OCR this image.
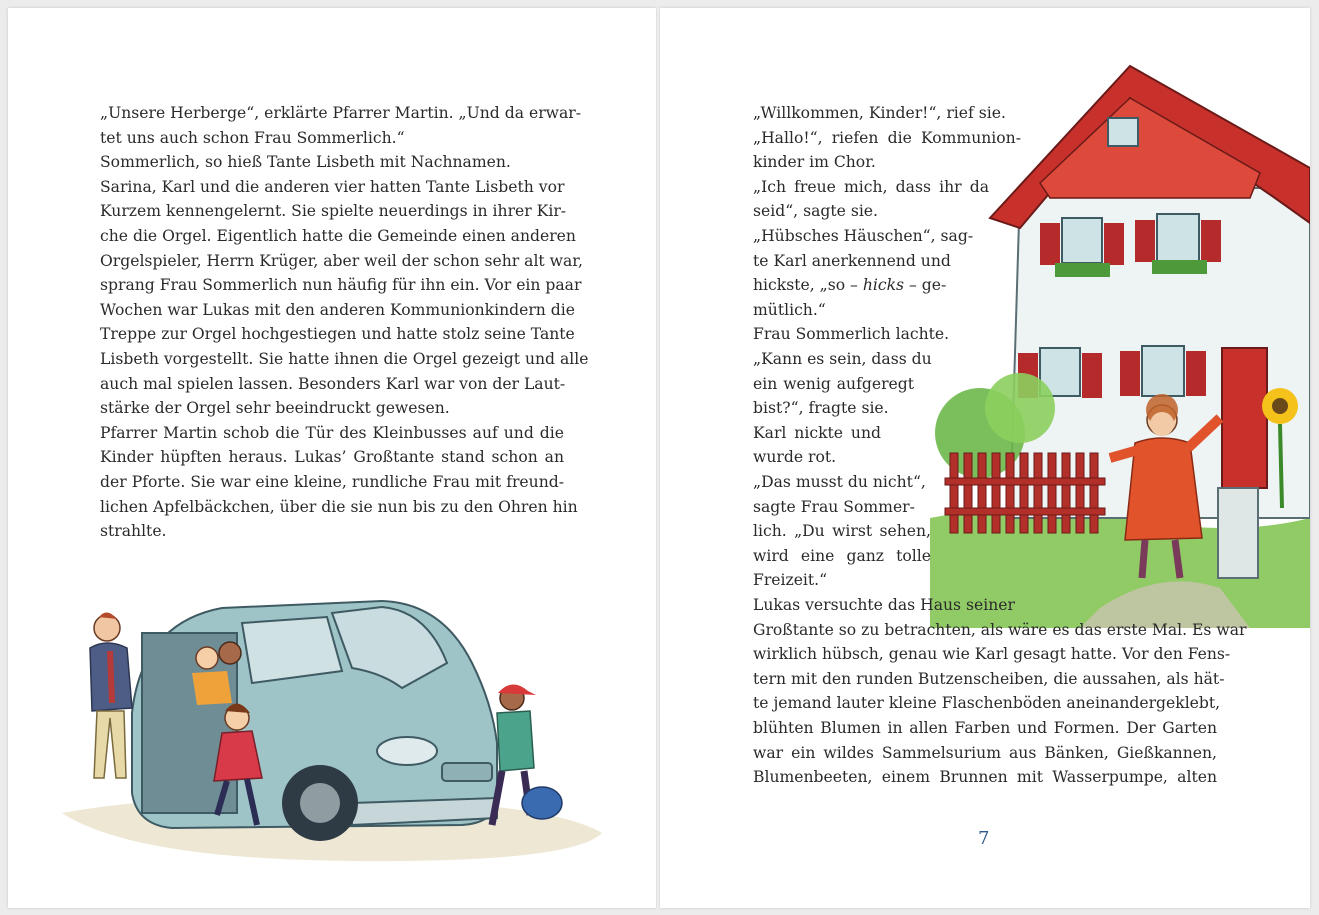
„Unsere Herberge“, erklärte Pfarrer Martin. „Und da erwar-
tet uns auch schon Frau Sommerlich.“
Sommerlich, so hieß Tante Lisbeth mit Nachnamen.
Sarina, Karl und die anderen vier hatten Tante Lisbeth vor
Kurzem kennengelernt. Sie spielte neuerdings in ihrer Kir-
che die Orgel. Eigentlich hatte die Gemeinde einen anderen
Orgelspieler, Herrn Krüger, aber weil der schon sehr alt war,
sprang Frau Sommerlich nun häufig für ihn ein. Vor ein paar
Wochen war Lukas mit den anderen Kommunionkindern die
Treppe zur Orgel hochgestiegen und hatte stolz seine Tante
Lisbeth vorgestellt. Sie hatte ihnen die Orgel gezeigt und alle
auch mal spielen lassen. Besonders Karl war von der Laut-
stärke der Orgel sehr beeindruckt gewesen.
Pfarrer Martin schob die Tür des Kleinbusses auf und die
Kinder hüpften heraus. Lukas’ Großtante stand schon an
der Pforte. Sie war eine kleine, rundliche Frau mit freund-
lichen Apfelbäckchen, über die sie nun bis zu den Ohren hin
strahlte.
„Willkommen, Kinder!“, rief sie.
„Hallo!“, riefen die Kommunion-
kinder im Chor.
„Ich freue mich, dass ihr da
seid“, sagte sie.
„Hübsches Häuschen“, sag-
te Karl anerkennend und
hickste, „so – hicks – ge-
mütlich.“
Frau Sommerlich lachte.
„Kann es sein, dass du
ein wenig aufgeregt
bist?“, fragte sie.
Karl nickte und
wurde rot.
„Das musst du nicht“,
sagte Frau Sommer-
lich. „Du wirst sehen,
wird eine ganz tolle
Freizeit.“
Lukas versuchte das Haus seiner
Großtante so zu betrachten, als wäre es das erste Mal. Es war
wirklich hübsch, genau wie Karl gesagt hatte. Vor den Fens-
tern mit den runden Butzenscheiben, die aussahen, als hät-
te jemand lauter kleine Flaschenböden aneinandergeklebt,
blühten Blumen in allen Farben und Formen. Der Garten
war ein wildes Sammelsurium aus Bänken, Gießkannen,
Blumenbeeten, einem Brunnen mit Wasserpumpe, alten
7
